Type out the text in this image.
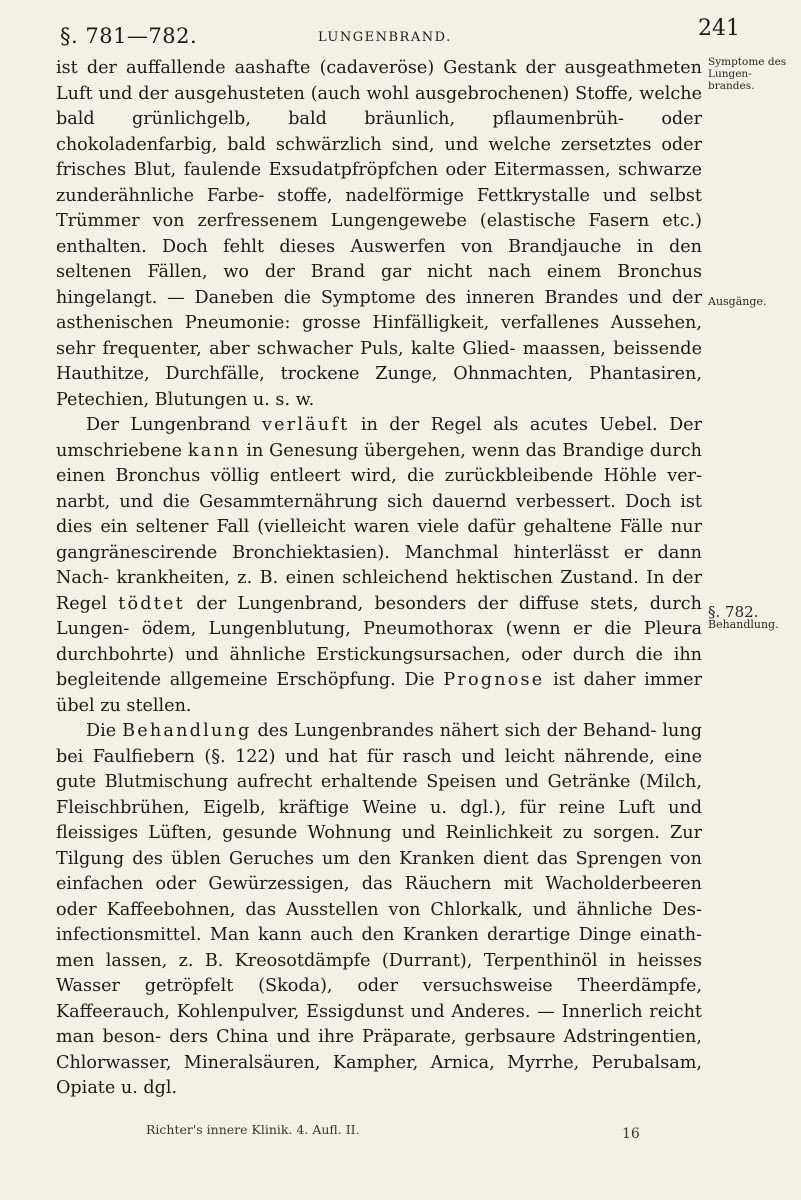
§. 781—782.	LUNGENBRAND.	241
Symptome des Lungen- brandes.
Ausgänge.
§. 782.
Behandlung.

ist der auffallende aashafte (cadaveröse) Gestank der ausgeathmeten Luft und der ausgehusteten (auch wohl ausgebrochenen) Stoffe, welche bald grünlichgelb, bald bräunlich, pflaumenbrüh- oder chokoladenfarbig, bald schwärzlich sind, und welche zersetztes oder frisches Blut, faulende Exsudatpfröpfchen oder Eitermassen, schwarze zunderähnliche Farbe- stoffe, nadelförmige Fettkrystalle und selbst Trümmer von zerfressenem Lungengewebe (elastische Fasern etc.) enthalten. Doch fehlt dieses Auswerfen von Brandjauche in den seltenen Fällen, wo der Brand gar nicht nach einem Bronchus hingelangt. — Daneben die Symptome des inneren Brandes und der asthenischen Pneumonie: grosse Hinfälligkeit, verfallenes Aussehen, sehr frequenter, aber schwacher Puls, kalte Glied- maassen, beissende Hauthitze, Durchfälle, trockene Zunge, Ohnmachten, Phantasiren, Petechien, Blutungen u. s. w.

Der Lungenbrand verläuft in der Regel als acutes Uebel. Der umschriebene kann in Genesung übergehen, wenn das Brandige durch einen Bronchus völlig entleert wird, die zurückbleibende Höhle ver- narbt, und die Gesammternährung sich dauernd verbessert. Doch ist dies ein seltener Fall (vielleicht waren viele dafür gehaltene Fälle nur gangränescirende Bronchiektasien). Manchmal hinterlässt er dann Nach- krankheiten, z. B. einen schleichend hektischen Zustand. In der Regel tödtet der Lungenbrand, besonders der diffuse stets, durch Lungen- ödem, Lungenblutung, Pneumothorax (wenn er die Pleura durchbohrte) und ähnliche Erstickungsursachen, oder durch die ihn begleitende allgemeine Erschöpfung. Die Prognose ist daher immer übel zu stellen.

Die Behandlung des Lungenbrandes nähert sich der Behand- lung bei Faulfiebern (§. 122) und hat für rasch und leicht nährende, eine gute Blutmischung aufrecht erhaltende Speisen und Getränke (Milch, Fleischbrühen, Eigelb, kräftige Weine u. dgl.), für reine Luft und fleissiges Lüften, gesunde Wohnung und Reinlichkeit zu sorgen. Zur Tilgung des üblen Geruches um den Kranken dient das Sprengen von einfachen oder Gewürzessigen, das Räuchern mit Wacholderbeeren oder Kaffeebohnen, das Ausstellen von Chlorkalk, und ähnliche Des- infectionsmittel. Man kann auch den Kranken derartige Dinge einath- men lassen, z. B. Kreosotdämpfe (Durrant), Terpenthinöl in heisses Wasser getröpfelt (Skoda), oder versuchsweise Theerdämpfe, Kaffeerauch, Kohlenpulver, Essigdunst und Anderes. — Innerlich reicht man beson- ders China und ihre Präparate, gerbsaure Adstringentien, Chlorwasser, Mineralsäuren, Kampher, Arnica, Myrrhe, Perubalsam, Opiate u. dgl.

Richter's innere Klinik. 4. Aufl. II.	16
